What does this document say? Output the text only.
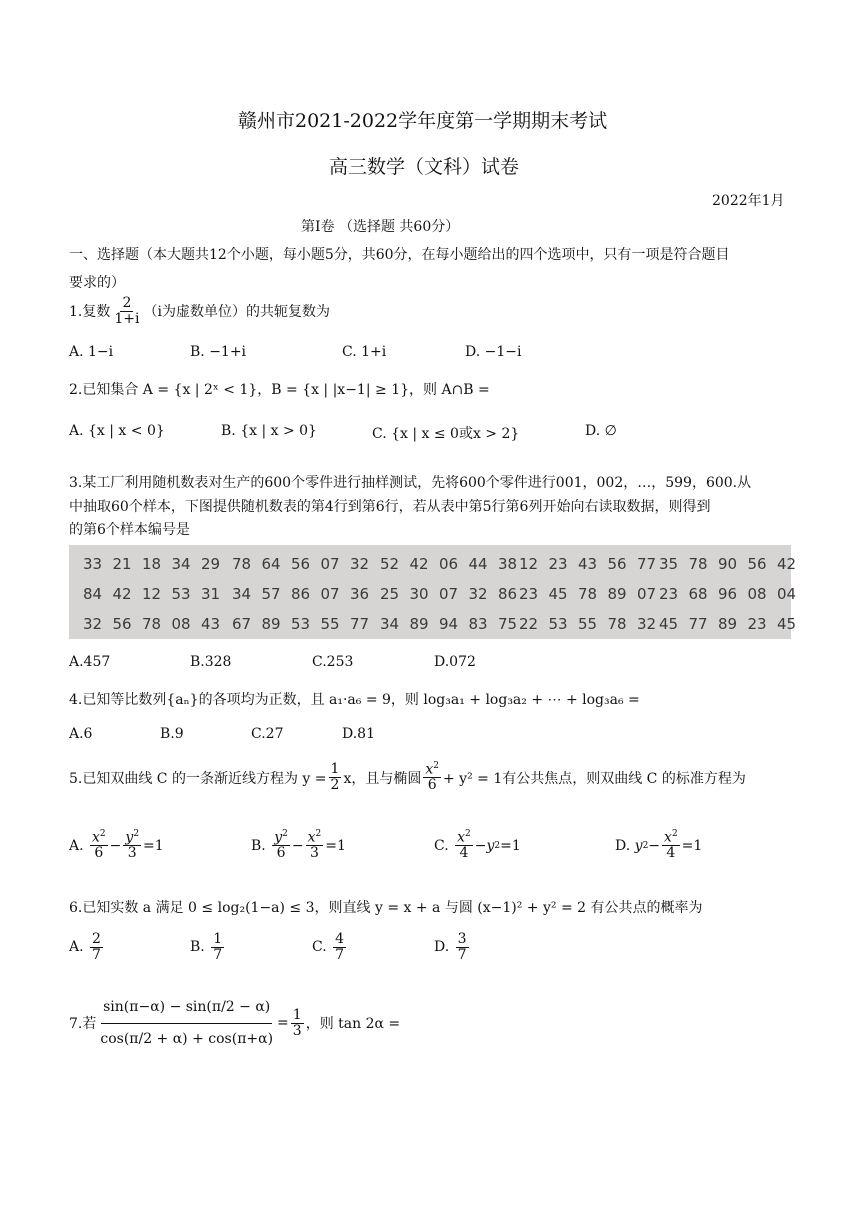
赣州市2021-2022学年度第一学期期末考试
高三数学（文科）试卷
2022年1月
第I卷 （选择题 共60分）
一、选择题（本大题共12个小题，每小题5分，共60分，在每小题给出的四个选项中，只有一项是符合题目
要求的）
1.复数 $\frac{2}{1+i} (i$为虚数单位）的共轭复数为
A. 1−i	B. −1+i	C. 1+i	D. −1−i
2.已知集合 A = {x | 2ˣ < 1}，B = {x | |x−1| ≥ 1}，则 A∩B =
A. {x | x < 0}	B. {x | x > 0}	C. {x | x ≤ 0或x > 2}	D. ∅
3.某工厂利用随机数表对生产的600个零件进行抽样测试，先将600个零件进行001，002，…，599，600.从
中抽取60个样本，下图提供随机数表的第4行到第6行，若从表中第5行第6列开始向右读取数据，则得到
的第6个样本编号是
33 21 18 34 29 78 64 56 07 32 52 42 06 44 38 12 23 43 56 77 35 78 90 56 42
84 42 12 53 31 34 57 86 07 36 25 30 07 32 86 23 45 78 89 07 23 68 96 08 04
32 56 78 08 43 67 89 53 55 77 34 89 94 83 75 22 53 55 78 32 45 77 89 23 45
A.457	B.328	C.253	D.072
4.已知等比数列{aₙ}的各项均为正数，且 a₁·a₆ = 9，则 log₃a₁ + log₃a₂ + ⋯ + log₃a₆ =
A.6	B.9	C.27	D.81
5.已知双曲线 C 的一条渐近线方程为 $y = \frac{1}{2}$ x，且与椭圆 $\frac{x^2}{6} + y^2 = 1$有公共焦点，则双曲线 C 的标准方程为
A.
$\frac{x^2}{6} - \frac{y^2}{3} =1$	B.
$\frac{y^2}{6} - \frac{x^2}{3} =1$	C.
$\frac{x^2}{4} - y$ 2 =1	D.
y $2 - \frac{x^2}{4} =1$
6.已知实数 a 满足 0 ≤ log₂(1−a) ≤ 3，则直线 y = x + a 与圆 (x−1)² + y² = 2 有公共点的概率为
A.
$\frac{2}{7}$	B.
$\frac{1}{7}$	C.
$\frac{4}{7}$	D.
$\frac{3}{7}$
7.若 $\frac{\sin(\pi-\alpha) - \sin(\pi/2 - \alpha)}{\cos(\pi/2 + \alpha) + \cos(\pi+\alpha)} = \frac{1}{3}$ ，则 tan 2α =
